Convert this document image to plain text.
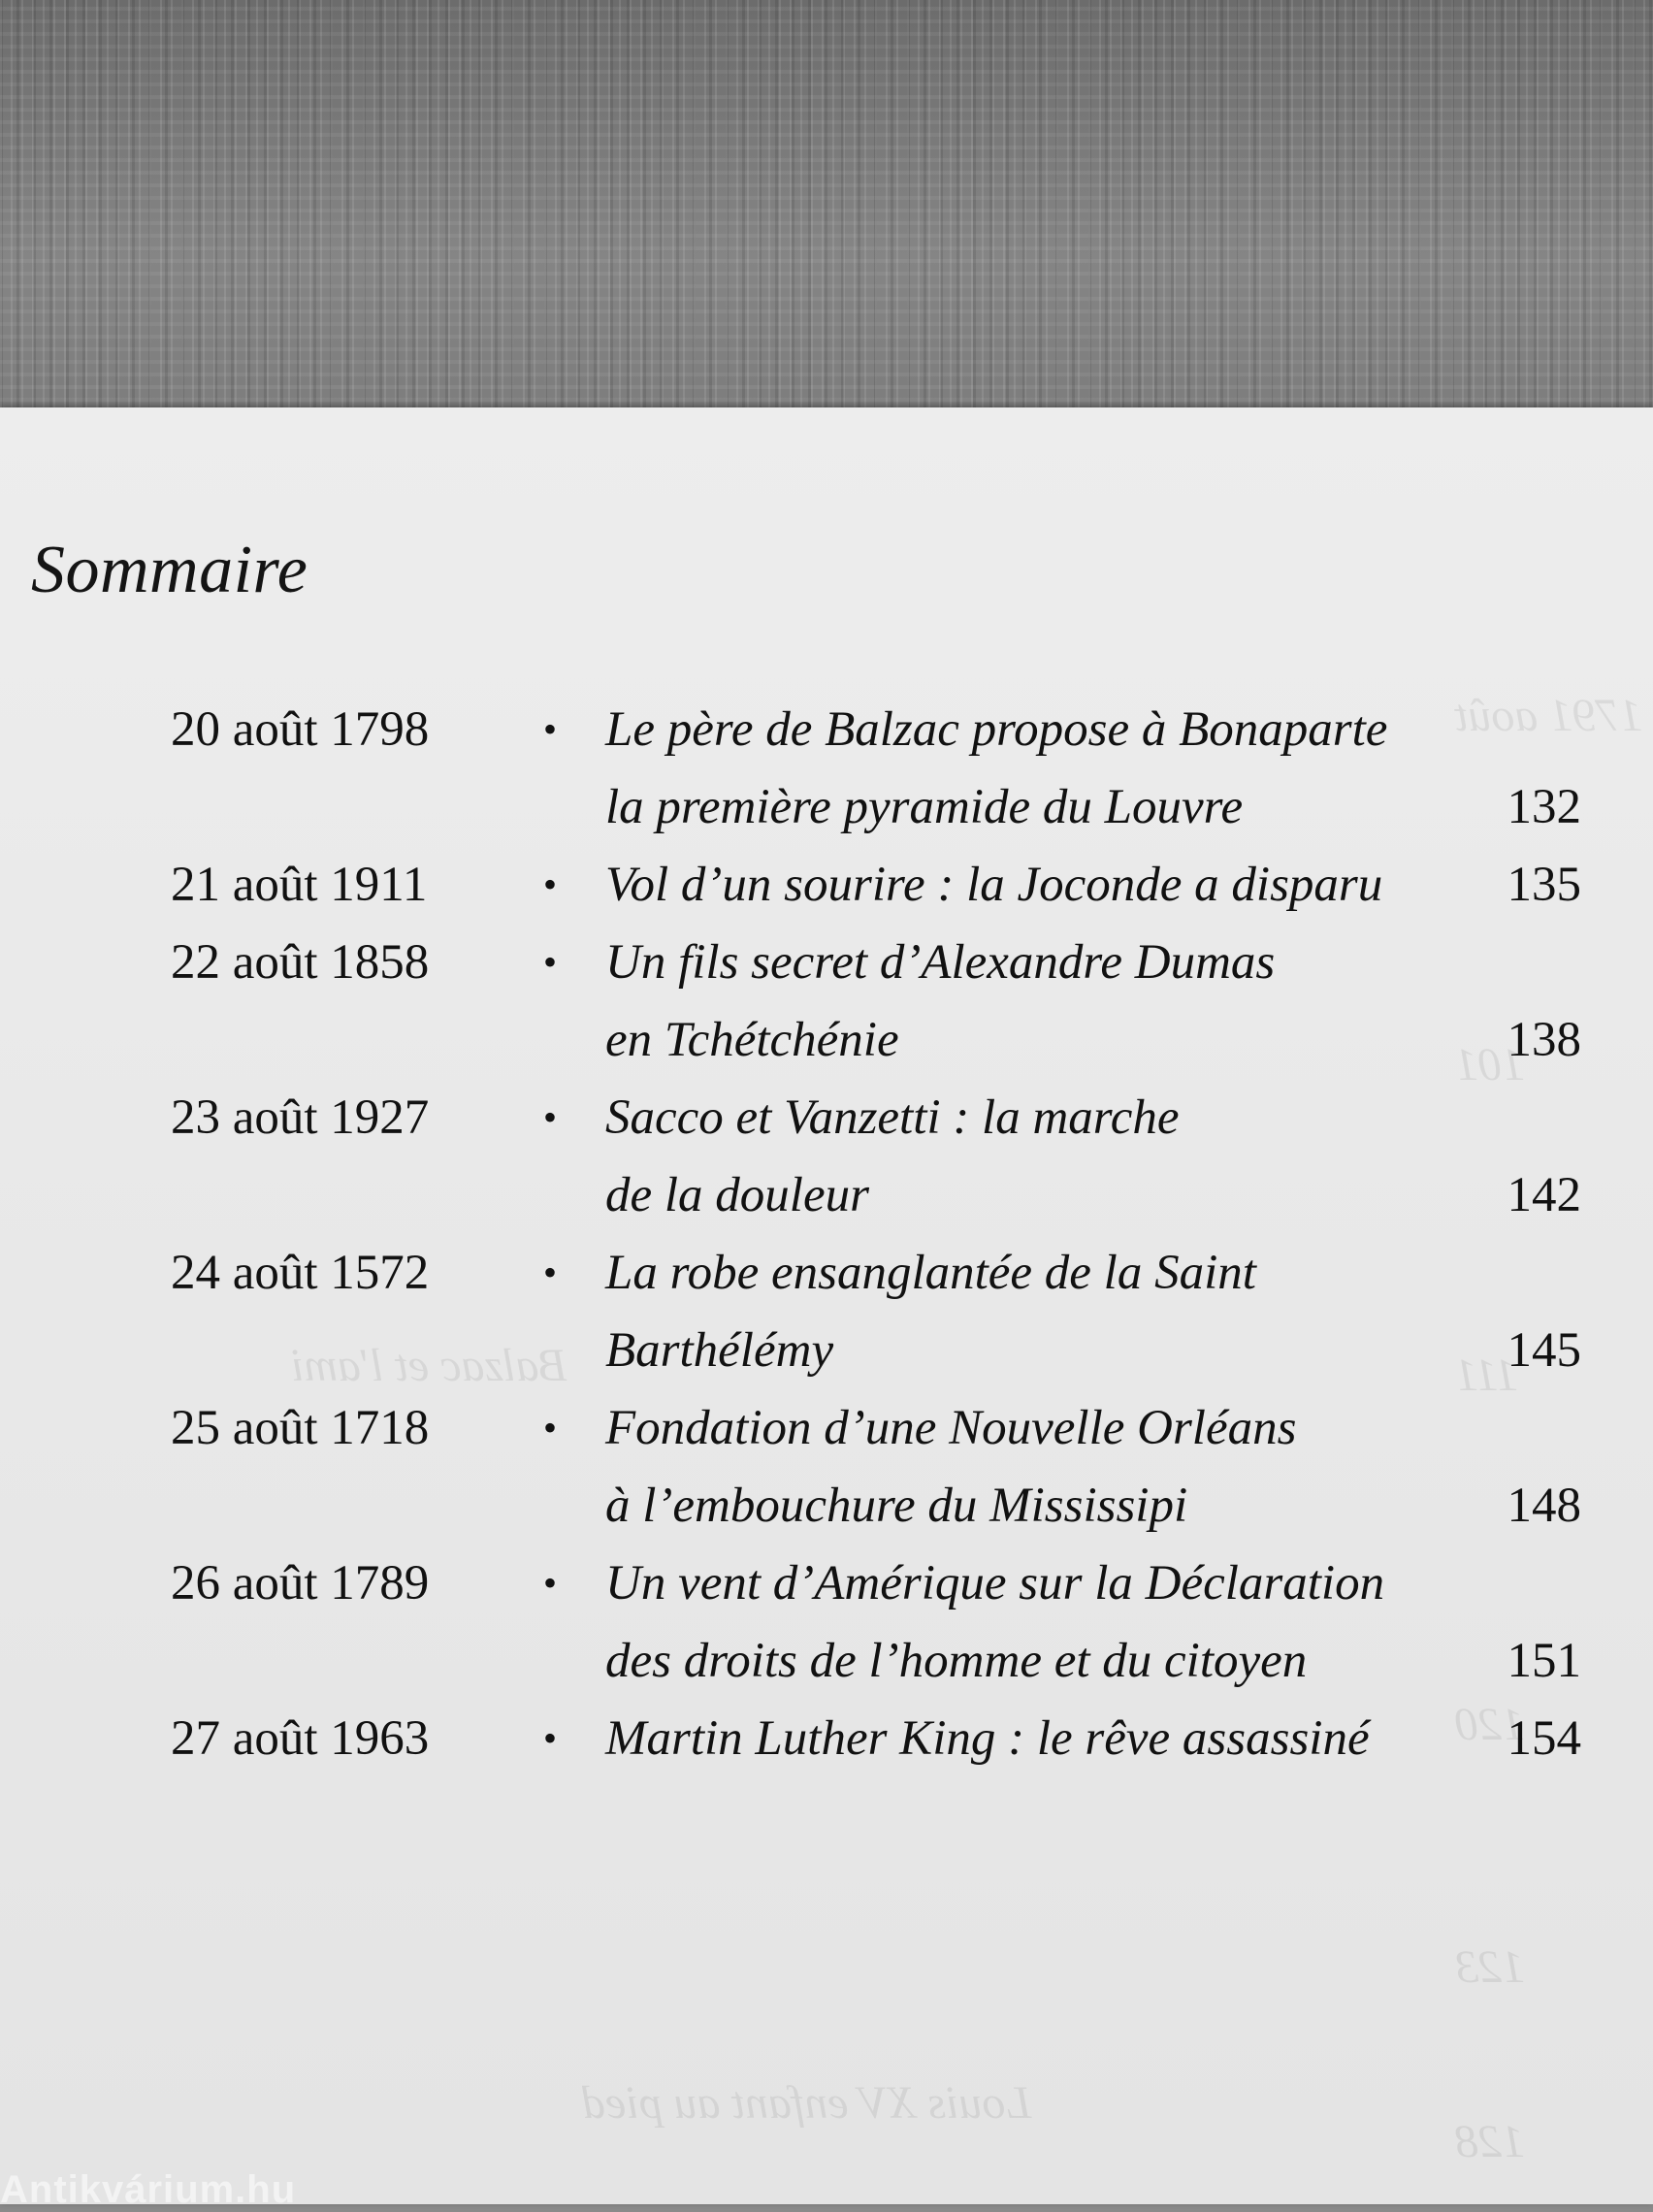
1791 août
101
111
120
123
128
Balzac et l'ami
Louis XV enfant au pied
Sommaire
20 août 1798	• Le père de Balzac propose à Bonaparte
la première pyramide du Louvre	132
21 août 1911	• Vol d’un sourire : la Joconde a disparu	135
22 août 1858	• Un fils secret d’Alexandre Dumas
en Tchétchénie	138
23 août 1927	• Sacco et Vanzetti : la marche
de la douleur	142
24 août 1572	• La robe ensanglantée de la Saint
Barthélémy	145
25 août 1718	• Fondation d’une Nouvelle Orléans
à l’embouchure du Mississipi	148
26 août 1789	• Un vent d’Amérique sur la Déclaration
des droits de l’homme et du citoyen	151
27 août 1963	• Martin Luther King : le rêve assassiné	154
Antikvárium.hu
